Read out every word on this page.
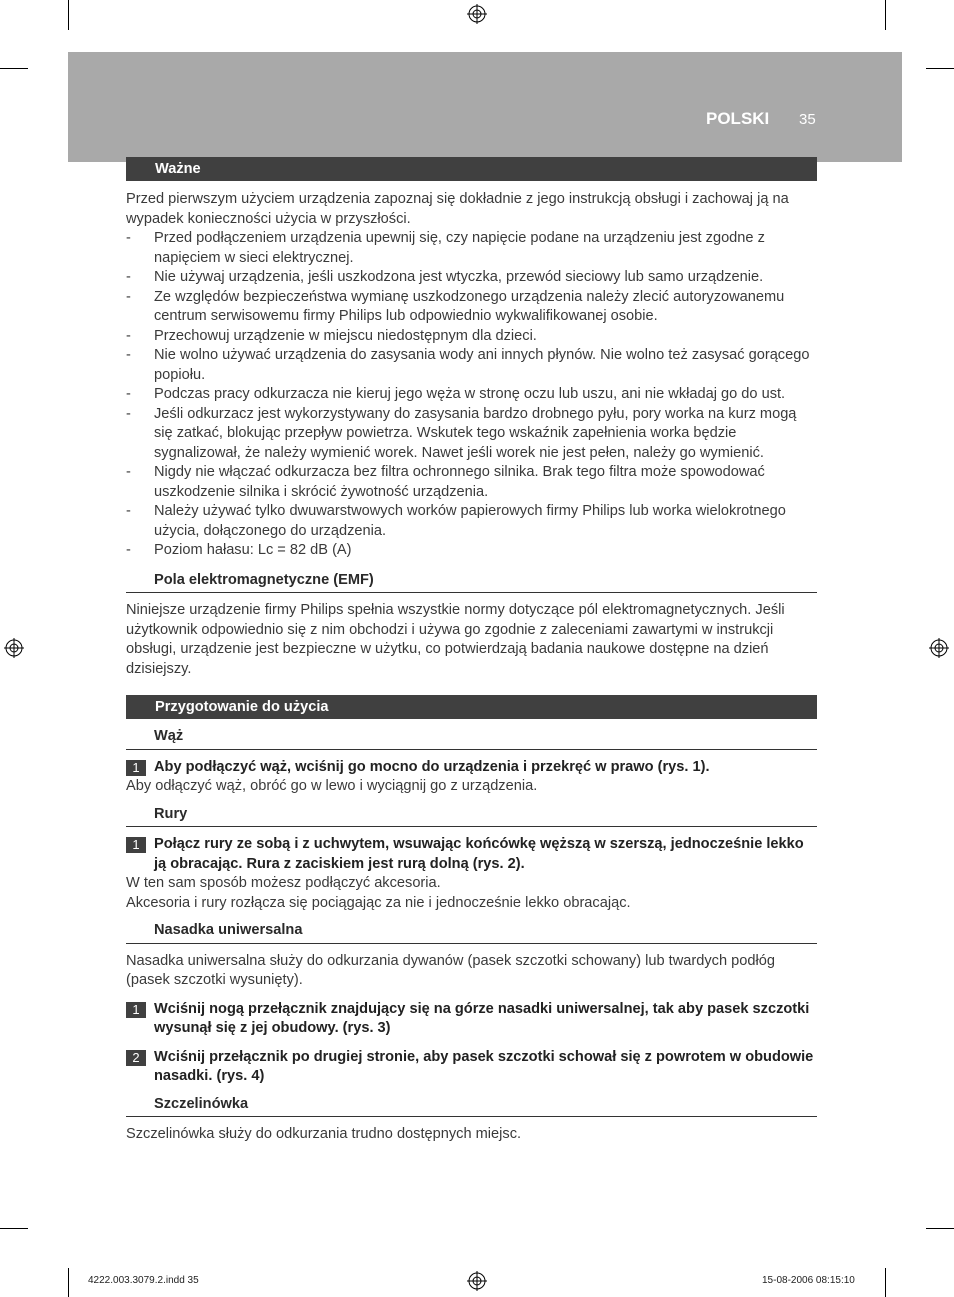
POLSKI 35
Ważne

Przed pierwszym użyciem urządzenia zapoznaj się dokładnie z jego instrukcją obsługi i zachowaj ją na wypadek konieczności użycia w przyszłości.

- Przed podłączeniem urządzenia upewnij się, czy napięcie podane na urządzeniu jest zgodne z napięciem w sieci elektrycznej.
- Nie używaj urządzenia, jeśli uszkodzona jest wtyczka, przewód sieciowy lub samo urządzenie.
- Ze względów bezpieczeństwa wymianę uszkodzonego urządzenia należy zlecić autoryzowanemu centrum serwisowemu firmy Philips lub odpowiednio wykwalifikowanej osobie.
- Przechowuj urządzenie w miejscu niedostępnym dla dzieci.
- Nie wolno używać urządzenia do zasysania wody ani innych płynów. Nie wolno też zasysać gorącego popiołu.
- Podczas pracy odkurzacza nie kieruj jego węża w stronę oczu lub uszu, ani nie wkładaj go do ust.
- Jeśli odkurzacz jest wykorzystywany do zasysania bardzo drobnego pyłu, pory worka na kurz mogą się zatkać, blokując przepływ powietrza. Wskutek tego wskaźnik zapełnienia worka będzie sygnalizował, że należy wymienić worek. Nawet jeśli worek nie jest pełen, należy go wymienić.
- Nigdy nie włączać odkurzacza bez filtra ochronnego silnika. Brak tego filtra może spowodować uszkodzenie silnika i skrócić żywotność urządzenia.
- Należy używać tylko dwuwarstwowych worków papierowych firmy Philips lub worka wielokrotnego użycia, dołączonego do urządzenia.
- Poziom hałasu: Lc = 82 dB (A)
Pola elektromagnetyczne (EMF)

Niniejsze urządzenie firmy Philips spełnia wszystkie normy dotyczące pól elektromagnetycznych. Jeśli użytkownik odpowiednio się z nim obchodzi i używa go zgodnie z zaleceniami zawartymi w instrukcji obsługi, urządzenie jest bezpieczne w użytku, co potwierdzają badania naukowe dostępne na dzień dzisiejszy.

Przygotowanie do użycia
Wąż
1 Aby podłączyć wąż, wciśnij go mocno do urządzenia i przekręć w prawo (rys. 1).

Aby odłączyć wąż, obróć go w lewo i wyciągnij go z urządzenia.

Rury
1 Połącz rury ze sobą i z uchwytem, wsuwając końcówkę węższą w szerszą, jednocześnie lekko ją obracając. Rura z zaciskiem jest rurą dolną (rys. 2).

W ten sam sposób możesz podłączyć akcesoria.

Akcesoria i rury rozłącza się pociągając za nie i jednocześnie lekko obracając.

Nasadka uniwersalna

Nasadka uniwersalna służy do odkurzania dywanów (pasek szczotki schowany) lub twardych podłóg (pasek szczotki wysunięty).

1 Wciśnij nogą przełącznik znajdujący się na górze nasadki uniwersalnej, tak aby pasek szczotki wysunął się z jej obudowy. (rys. 3)
2 Wciśnij przełącznik po drugiej stronie, aby pasek szczotki schował się z powrotem w obudowie nasadki. (rys. 4)
Szczelinówka

Szczelinówka służy do odkurzania trudno dostępnych miejsc.

4222.003.3079.2.indd 35	15-08-2006 08:15:10
